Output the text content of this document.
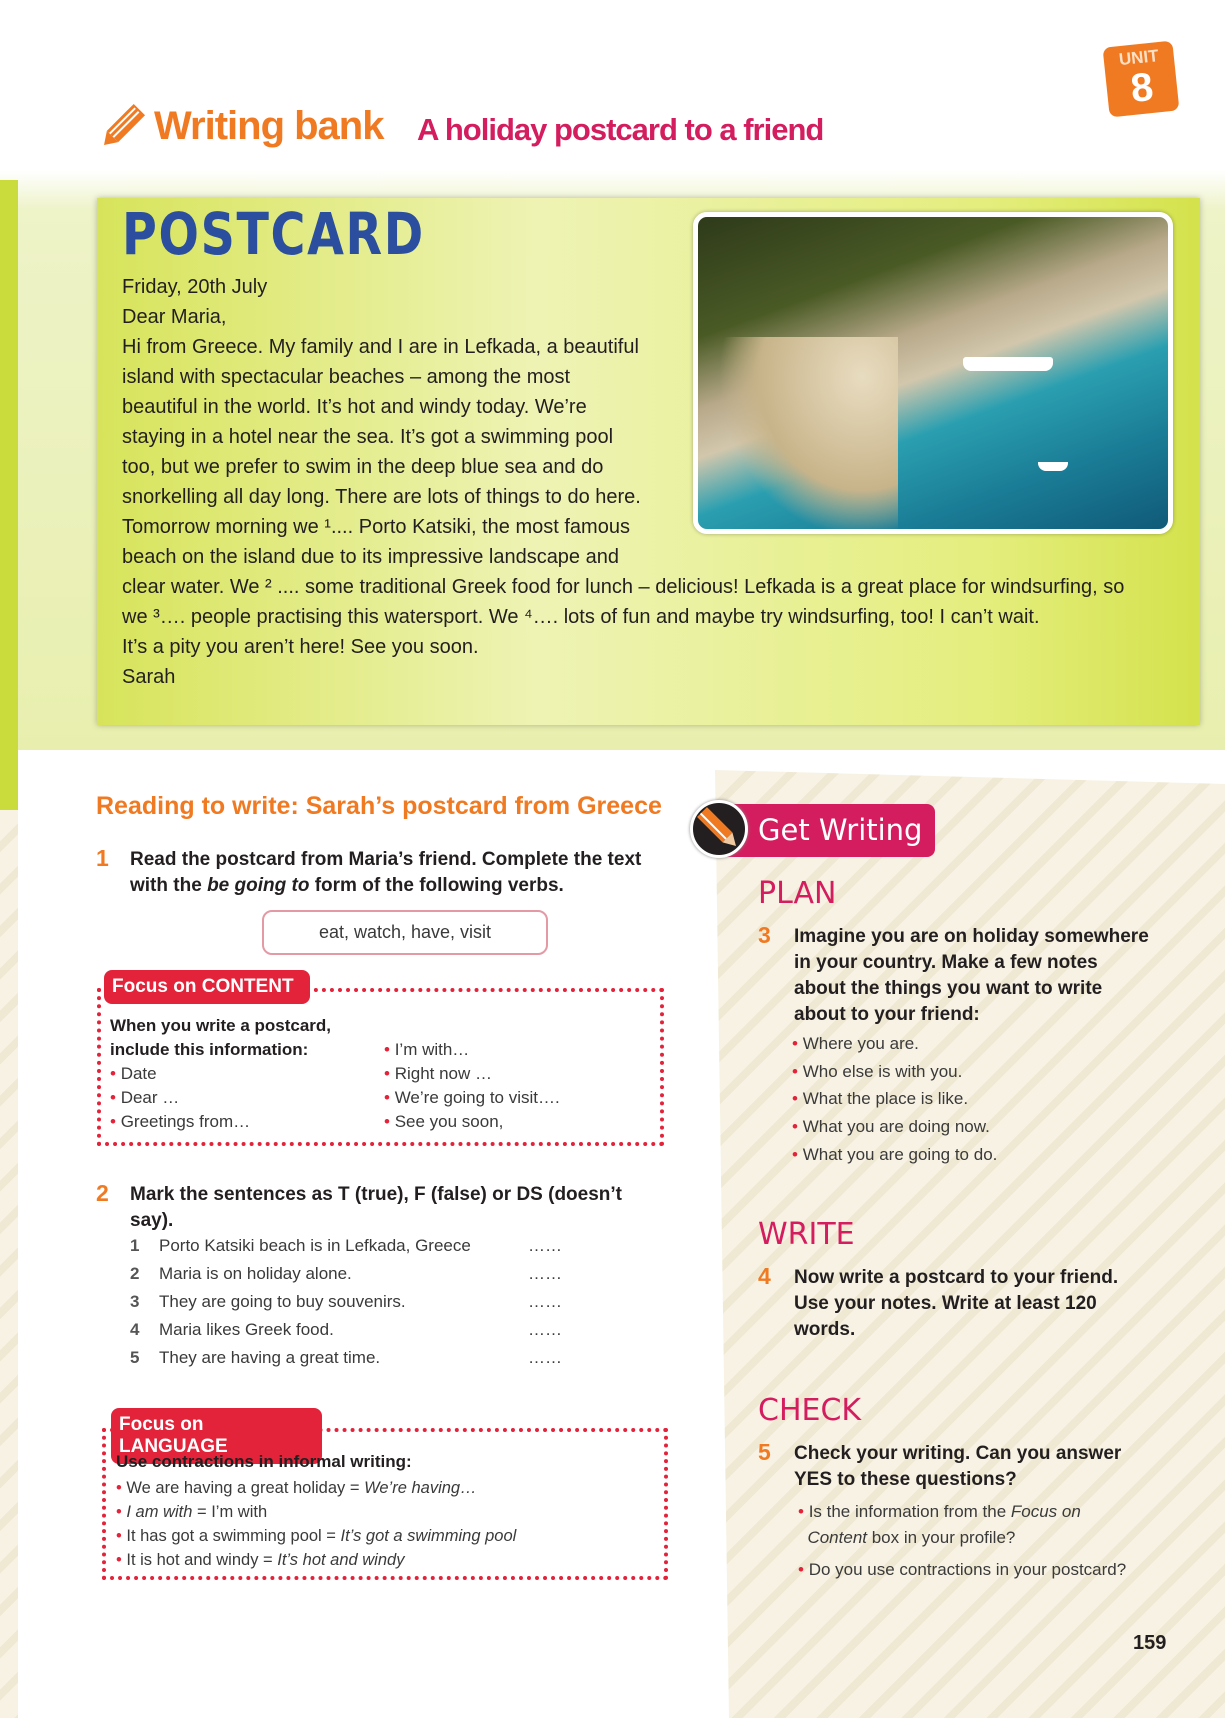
Writing bank A holiday postcard to a friend
UNIT
8
POSTCARD
Friday, 20th July
Dear Maria,
Hi from Greece. My family and I are in Lefkada, a beautiful
island with spectacular beaches – among the most
beautiful in the world. It’s hot and windy today. We’re
staying in a hotel near the sea. It’s got a swimming pool
too, but we prefer to swim in the deep blue sea and do
snorkelling all day long. There are lots of things to do here.
Tomorrow morning we ¹.... Porto Katsiki, the most famous
beach on the island due to its impressive landscape and
clear water. We ² .... some traditional Greek food for lunch – delicious! Lefkada is a great place for windsurfing, so
we ³…. people practising this watersport. We ⁴…. lots of fun and maybe try windsurfing, too! I can’t wait.
It’s a pity you aren’t here! See you soon.
Sarah
Reading to write: Sarah’s postcard from Greece
1 Read the postcard from Maria’s friend. Complete the text
with the be going to form of the following verbs.
eat, watch, have, visit
Focus on CONTENT
When you write a postcard,
include this information:
• Date
• Dear …
• Greetings from…
• I’m with…
• Right now …
• We’re going to visit….
• See you soon,
2 Mark the sentences as T (true), F (false) or DS (doesn’t
say).
1 Porto Katsiki beach is in Lefkada, Greece	……
2 Maria is on holiday alone.	……
3 They are going to buy souvenirs.	……
4 Maria likes Greek food.	……
5 They are having a great time.	……
Focus on LANGUAGE
Use contractions in informal writing:
• We are having a great holiday = We’re having…
• I am with = I’m with
• It has got a swimming pool = It’s got a swimming pool
• It is hot and windy = It’s hot and windy
Get Writing
PLAN
3 Imagine you are on holiday somewhere
in your country. Make a few notes
about the things you want to write
about to your friend:
• Where you are.
• Who else is with you.
• What the place is like.
• What you are doing now.
• What you are going to do.
WRITE
4 Now write a postcard to your friend.
Use your notes. Write at least 120
words.
CHECK
5 Check your writing. Can you answer
YES to these questions?
• Is the information from the Focus on
Content box in your profile?
• Do you use contractions in your postcard?
159
